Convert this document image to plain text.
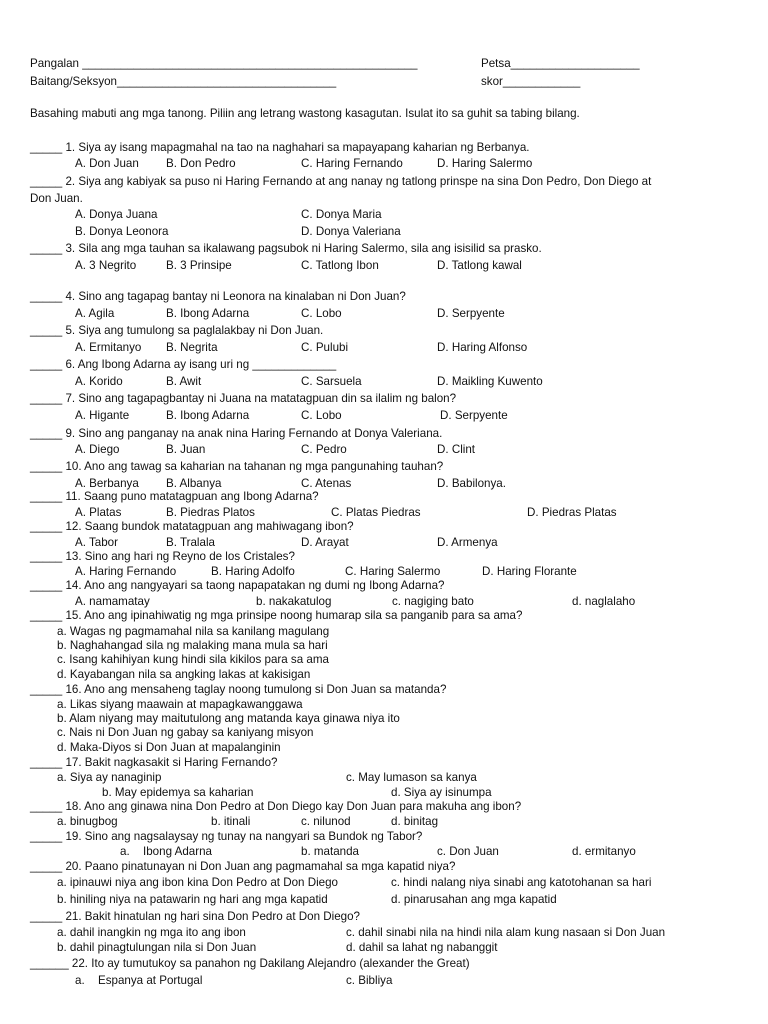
Pangalan ____________________________________________________	Petsa____________________
Baitang/Seksyon__________________________________	skor____________
Basahing mabuti ang mga tanong. Piliin ang letrang wastong kasagutan. Isulat ito sa guhit sa tabing bilang.
_____ 1. Siya ay isang mapagmahal na tao na naghahari sa mapayapang kaharian ng Berbanya.
A. Don Juan B. Don Pedro	C. Haring Fernando	D. Haring Salermo
_____ 2. Siya ang kabiyak sa puso ni Haring Fernando at ang nanay ng tatlong prinspe na sina Don Pedro, Don Diego at
Don Juan.
A. Donya Juana	C. Donya Maria
B. Donya Leonora	D. Donya Valeriana
_____ 3. Sila ang mga tauhan sa ikalawang pagsubok ni Haring Salermo, sila ang isisilid sa prasko.
A. 3 Negrito	B. 3 Prinsipe	C. Tatlong Ibon	D. Tatlong kawal
_____ 4. Sino ang tagapag bantay ni Leonora na kinalaban ni Don Juan?
A. Agila	B. Ibong Adarna	C. Lobo	D. Serpyente
_____ 5. Siya ang tumulong sa paglalakbay ni Don Juan.
A. Ermitanyo B. Negrita	C. Pulubi	D. Haring Alfonso
_____ 6. Ang Ibong Adarna ay isang uri ng _____________
A. Korido	B. Awit	C. Sarsuela	D. Maikling Kuwento
_____ 7. Sino ang tagapagbantay ni Juana na matatagpuan din sa ilalim ng balon?
A. Higante	B. Ibong Adarna	C. Lobo	D. Serpyente
_____ 9. Sino ang panganay na anak nina Haring Fernando at Donya Valeriana.
A. Diego	B. Juan	C. Pedro	D. Clint
_____ 10. Ano ang tawag sa kaharian na tahanan ng mga pangunahing tauhan?
A. Berbanya B. Albanya	C. Atenas	D. Babilonya.
_____ 11. Saang puno matatagpuan ang Ibong Adarna?
A. Platas	B. Piedras Platos	C. Platas Piedras	D. Piedras Platas
_____ 12. Saang bundok matatagpuan ang mahiwagang ibon?
A. Tabor	B. Tralala	D. Arayat	D. Armenya
_____ 13. Sino ang hari ng Reyno de los Cristales?
A. Haring Fernando	B. Haring Adolfo	C. Haring Salermo	D. Haring Florante
_____ 14. Ano ang nangyayari sa taong napapatakan ng dumi ng Ibong Adarna?
A. namamatay	b. nakakatulog	c. nagiging bato	d. naglalaho
_____ 15. Ano ang ipinahiwatig ng mga prinsipe noong humarap sila sa panganib para sa ama?
a. Wagas ng pagmamahal nila sa kanilang magulang
b. Naghahangad sila ng malaking mana mula sa hari
c. Isang kahihiyan kung hindi sila kikilos para sa ama
d. Kayabangan nila sa angking lakas at kakisigan
_____ 16. Ano ang mensaheng taglay noong tumulong si Don Juan sa matanda?
a. Likas siyang maawain at mapagkawanggawa
b. Alam niyang may maitutulong ang matanda kaya ginawa niya ito
c. Nais ni Don Juan ng gabay sa kaniyang misyon
d. Maka-Diyos si Don Juan at mapalanginin
_____ 17. Bakit nagkasakit si Haring Fernando?
a. Siya ay nanaginip	c. May lumason sa kanya
b. May epidemya sa kaharian	d. Siya ay isinumpa
_____ 18. Ano ang ginawa nina Don Pedro at Don Diego kay Don Juan para makuha ang ibon?
a. binugbog	b. itinali	c. nilunod	d. binitag
_____ 19. Sino ang nagsalaysay ng tunay na nangyari sa Bundok ng Tabor?
a. Ibong Adarna	b. matanda	c. Don Juan	d. ermitanyo
_____ 20. Paano pinatunayan ni Don Juan ang pagmamahal sa mga kapatid niya?
a. ipinauwi niya ang ibon kina Don Pedro at Don Diego	c. hindi nalang niya sinabi ang katotohanan sa hari
b. hiniling niya na patawarin ng hari ang mga kapatid	d. pinarusahan ang mga kapatid
_____ 21. Bakit hinatulan ng hari sina Don Pedro at Don Diego?
a. dahil inangkin ng mga ito ang ibon	c. dahil sinabi nila na hindi nila alam kung nasaan si Don Juan
b. dahil pinagtulungan nila si Don Juan	d. dahil sa lahat ng nabanggit
______ 22. Ito ay tumutukoy sa panahon ng Dakilang Alejandro (alexander the Great)
a. Espanya at Portugal	c. Bibliya
